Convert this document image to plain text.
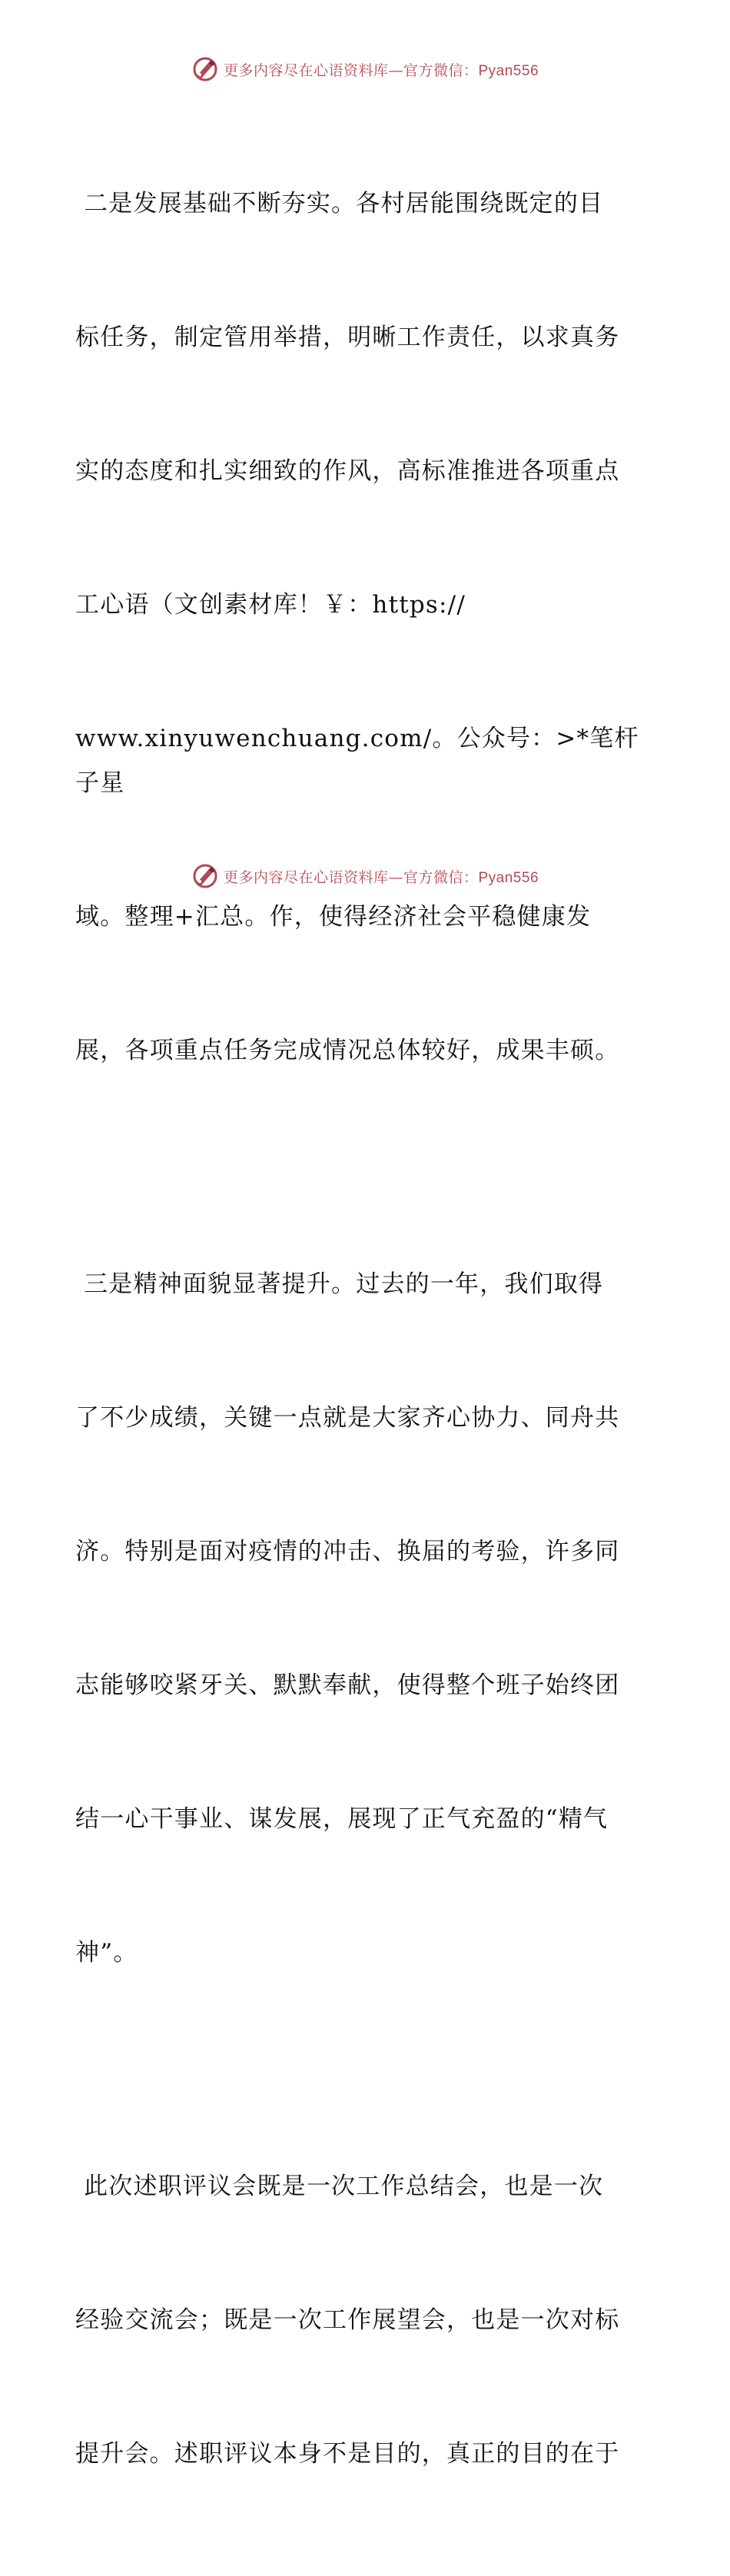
更多内容尽在心语资料库—官方微信：Pyan556

二是发展基础不断夯实。各村居能围绕既定的目

标任务，制定管用举措，明晰工作责任，以求真务

实的态度和扎实细致的作风，高标准推进各项重点

工心语（文创素材库！￥：https://

www.xinyuwenchuang.com/。公众号：>*笔杆子星

域。整理+汇总。作，使得经济社会平稳健康发

展，各项重点任务完成情况总体较好，成果丰硕。

三是精神面貌显著提升。过去的一年，我们取得

了不少成绩，关键一点就是大家齐心协力、同舟共

济。特别是面对疫情的冲击、换届的考验，许多同

志能够咬紧牙关、默默奉献，使得整个班子始终团

结一心干事业、谋发展，展现了正气充盈的“精气

神”。

此次述职评议会既是一次工作总结会，也是一次

经验交流会；既是一次工作展望会，也是一次对标

提升会。述职评议本身不是目的，真正的目的在于

更多内容尽在心语资料库—官方微信：Pyan556
